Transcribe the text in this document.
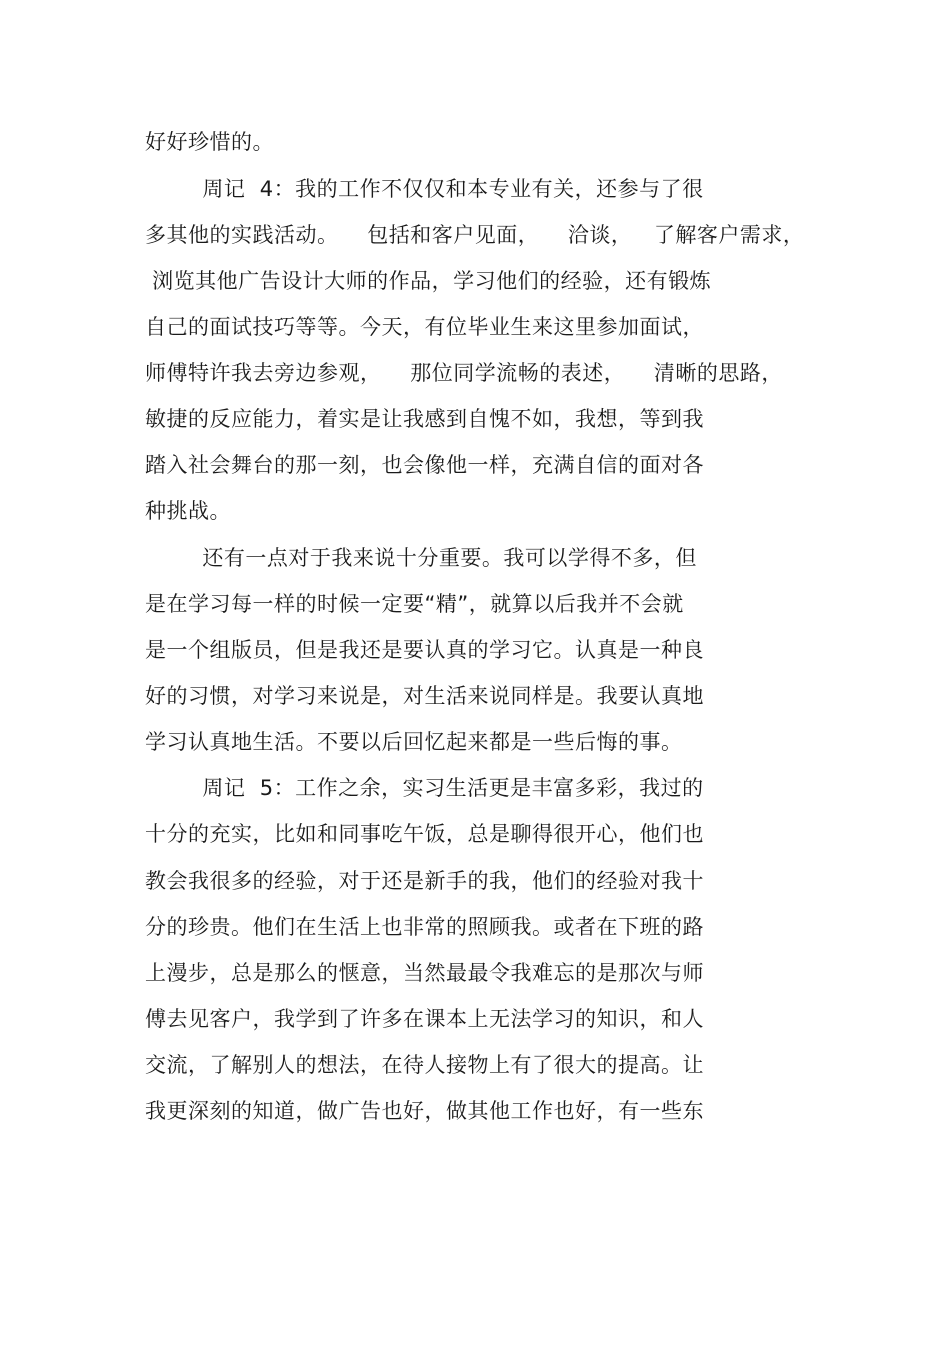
好好珍惜的。
周记  4：我的工作不仅仅和本专业有关，还参与了很
多其他的实践活动。    包括和客户见面，    洽谈，   了解客户需求，
浏览其他广告设计大师的作品，学习他们的经验，还有锻炼
自己的面试技巧等等。今天，有位毕业生来这里参加面试，
师傅特许我去旁边参观，    那位同学流畅的表述，    清晰的思路，
敏捷的反应能力，着实是让我感到自愧不如，我想，等到我
踏入社会舞台的那一刻，也会像他一样，充满自信的面对各
种挑战。
还有一点对于我来说十分重要。我可以学得不多，但
是在学习每一样的时候一定要“精”，就算以后我并不会就
是一个组版员，但是我还是要认真的学习它。认真是一种良
好的习惯，对学习来说是，对生活来说同样是。我要认真地
学习认真地生活。不要以后回忆起来都是一些后悔的事。
周记  5：工作之余，实习生活更是丰富多彩，我过的
十分的充实，比如和同事吃午饭，总是聊得很开心，他们也
教会我很多的经验，对于还是新手的我，他们的经验对我十
分的珍贵。他们在生活上也非常的照顾我。或者在下班的路
上漫步，总是那么的惬意，当然最最令我难忘的是那次与师
傅去见客户，我学到了许多在课本上无法学习的知识，和人
交流，了解别人的想法，在待人接物上有了很大的提高。让
我更深刻的知道，做广告也好，做其他工作也好，有一些东
